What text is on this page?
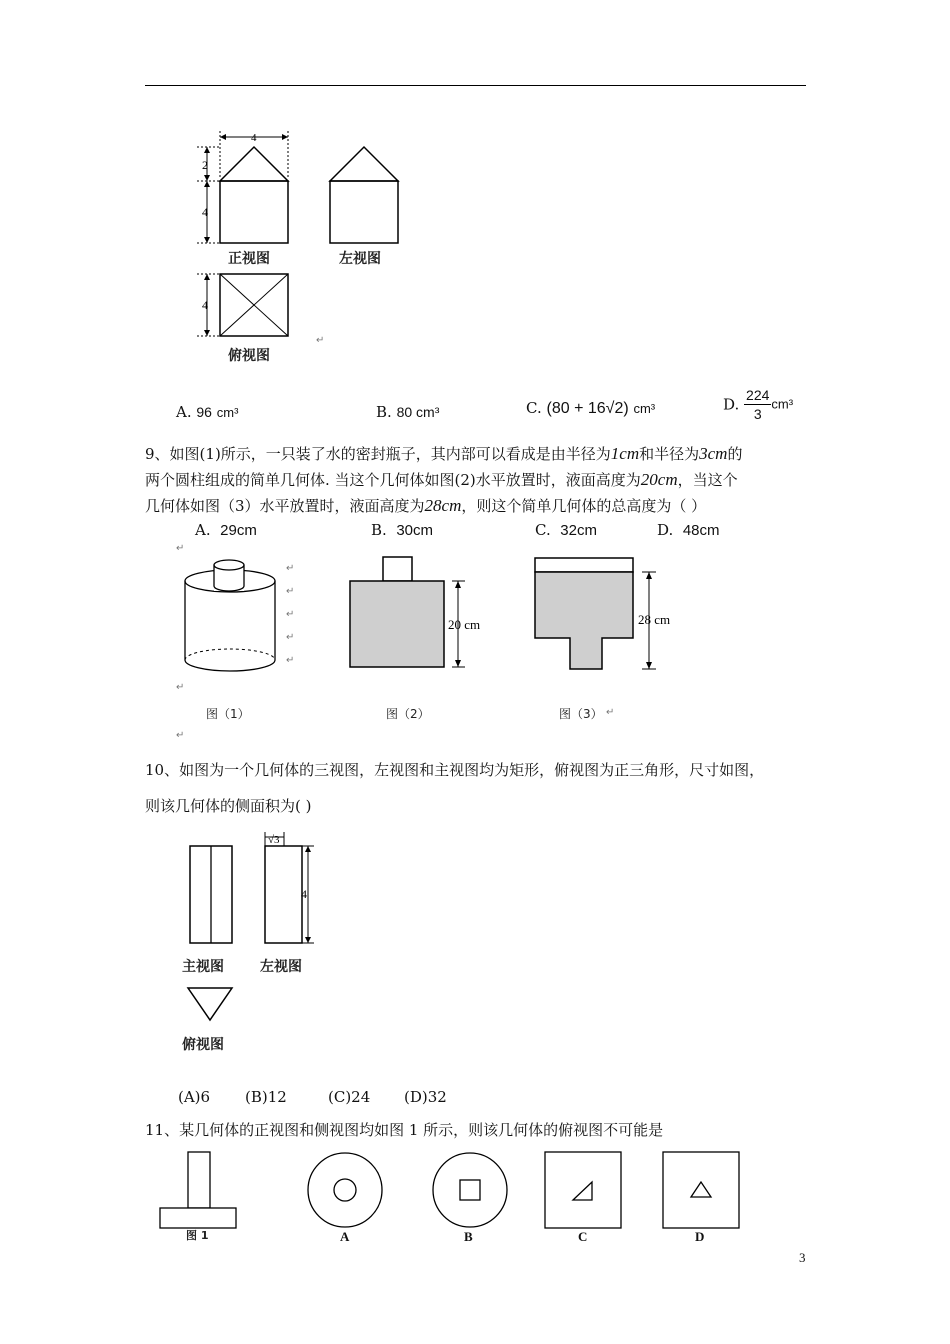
4
2
4
4
正视图	左视图
俯视图
↵
A. 96 cm³	B. 80 cm³	C. (80 + 16√2) cm³	D. $\frac{224}{3} cm^3$
9、如图(1)所示，一只装了水的密封瓶子，其内部可以看成是由半径为1cm和半径为3cm的
两个圆柱组成的简单几何体. 当这个几何体如图(2)水平放置时，液面高度为20cm，当这个
几何体如图（3）水平放置时，液面高度为28cm，则这个简单几何体的总高度为（ ）
A. 29cm	B. 30cm	C. 32cm	D. 48cm
↵
↵
↵
↵
↵
↵
↵
20 cm	28 cm
图（1）	图（2）	图（3） ↵
↵
10、如图为一个几何体的三视图，左视图和主视图均为矩形，俯视图为正三角形，尺寸如图，
则该几何体的侧面积为( )
√3
4
主视图	左视图
俯视图
(A)6 (B)12	(C)24 (D)32
11、某几何体的正视图和侧视图均如图 1 所示，则该几何体的俯视图不可能是
图 1	A	B	C	D
3
